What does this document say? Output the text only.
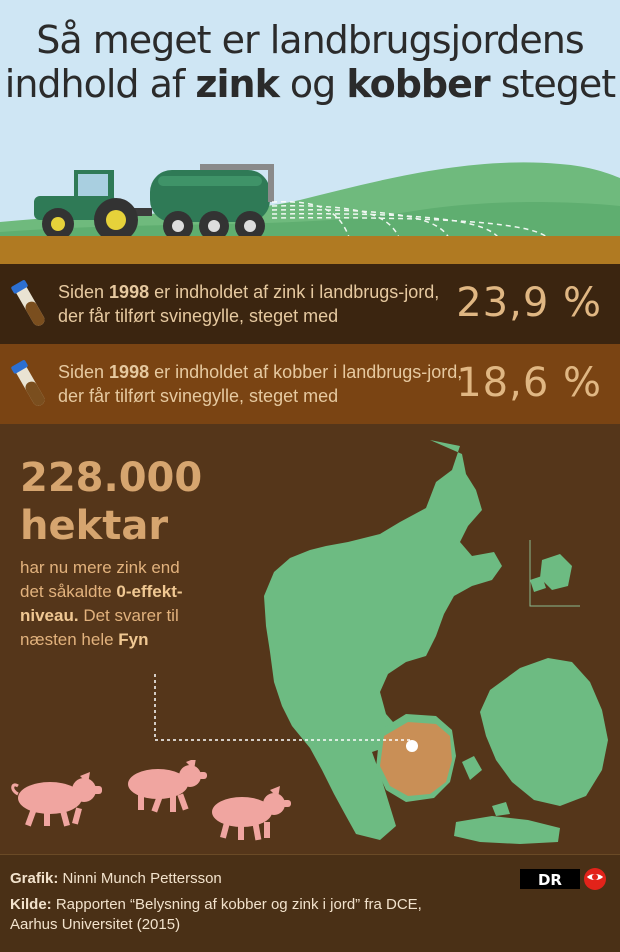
Så meget er landbrugsjordens
indhold af zink og kobber steget
Siden 1998 er indholdet af zink i landbrugs-jord, der får tilført svinegylle, steget med	23,9 %
Siden 1998 er indholdet af kobber i landbrugs-jord, der får tilført svinegylle, steget med	18,6 %
228.000
hektar
har nu mere zink end det såkaldte 0-effekt-niveau. Det svarer til næsten hele Fyn
Grafik: Ninni Munch Pettersson
Kilde: Rapporten “Belysning af kobber og zink i jord” fra DCE, Aarhus Universitet (2015)
DR
